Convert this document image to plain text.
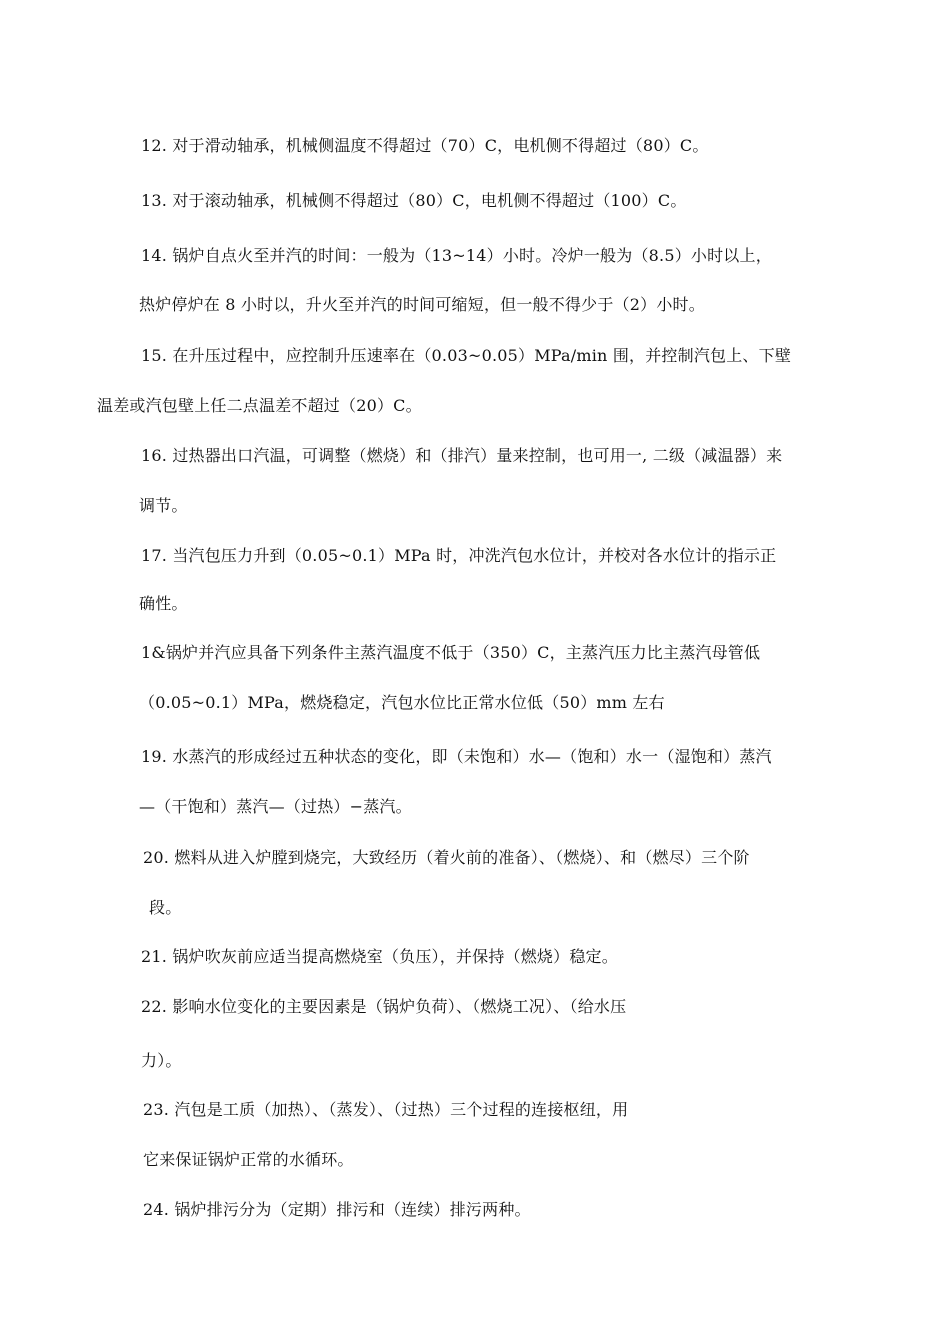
12. 对于滑动轴承，机械侧温度不得超过（70）C，电机侧不得超过（80）C。
13. 对于滚动轴承，机械侧不得超过（80）C，电机侧不得超过（100）C。
14. 锅炉自点火至并汽的时间：一般为（13~14）小时。冷炉一般为（8.5）小时以上，
热炉停炉在 8 小时以，升火至并汽的时间可缩短，但一般不得少于（2）小时。
15. 在升压过程中，应控制升压速率在（0.03~0.05）MPa/min 围，并控制汽包上、下壁
温差或汽包壁上任二点温差不超过（20）C。
16. 过热器出口汽温，可调整（燃烧）和（排汽）量来控制，也可用一, 二级（减温器）来
调节。
17. 当汽包压力升到（0.05~0.1）MPa 时，冲洗汽包水位计，并校对各水位计的指示正
确性。
1&锅炉并汽应具备下列条件主蒸汽温度不低于（350）C，主蒸汽压力比主蒸汽母管低
（0.05~0.1）MPa，燃烧稳定，汽包水位比正常水位低（50）mm 左右
19. 水蒸汽的形成经过五种状态的变化，即（未饱和）水—（饱和）水一（湿饱和）蒸汽
—（干饱和）蒸汽—（过热）−蒸汽。
20. 燃料从进入炉膛到烧完，大致经历（着火前的准备）、（燃烧）、和（燃尽）三个阶
段。
21. 锅炉吹灰前应适当提高燃烧室（负压），并保持（燃烧）稳定。
22. 影响水位变化的主要因素是（锅炉负荷）、（燃烧工况）、（给水压
力）。
23. 汽包是工质（加热）、（蒸发）、（过热）三个过程的连接枢纽，用
它来保证锅炉正常的水循环。
24. 锅炉排污分为（定期）排污和（连续）排污两种。
